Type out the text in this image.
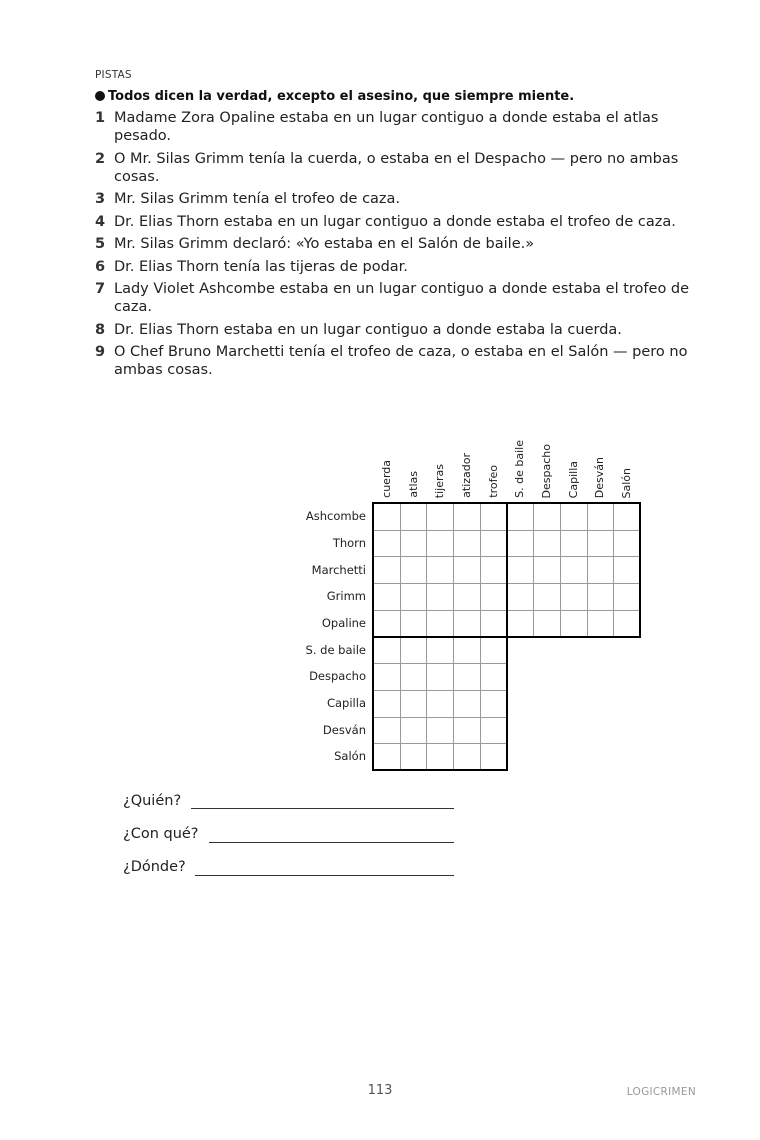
PISTAS
Todos dicen la verdad, excepto el asesino, que siempre miente.
1 Madame Zora Opaline estaba en un lugar contiguo a donde estaba el atlas pesado.
2 O Mr. Silas Grimm tenía la cuerda, o estaba en el Despacho — pero no ambas cosas.
3 Mr. Silas Grimm tenía el trofeo de caza.
4 Dr. Elias Thorn estaba en un lugar contiguo a donde estaba el trofeo de caza.
5 Mr. Silas Grimm declaró: «Yo estaba en el Salón de baile.»
6 Dr. Elias Thorn tenía las tijeras de podar.
7 Lady Violet Ashcombe estaba en un lugar contiguo a donde estaba el trofeo de caza.
8 Dr. Elias Thorn estaba en un lugar contiguo a donde estaba la cuerda.
9 O Chef Bruno Marchetti tenía el trofeo de caza, o estaba en el Salón — pero no ambas cosas.
cuerda atlas tijeras atizador trofeo S. de baile Despacho Capilla Desván Salón
Ashcombe
Thorn
Marchetti
Grimm
Opaline
S. de baile
Despacho
Capilla
Desván
Salón
¿Quién?
¿Con qué?
¿Dónde?
113	LOGICRIMEN
